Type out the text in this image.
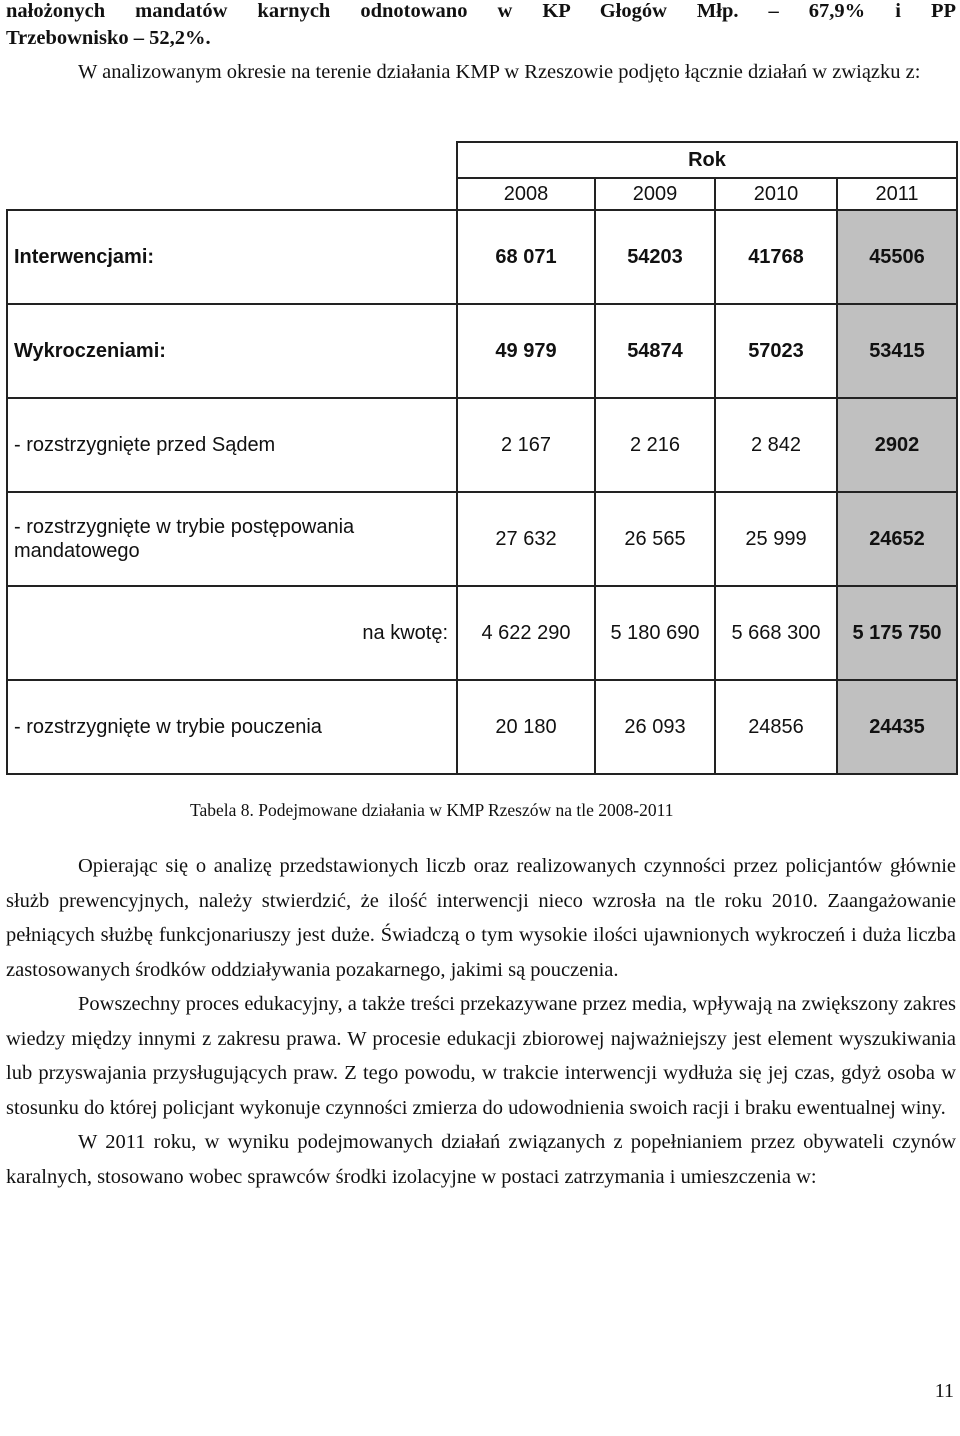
nałożonych mandatów karnych odnotowano w KP Głogów Młp. – 67,9% i PP

Trzebownisko – 52,2%.

W analizowanym okresie na terenie działania KMP w Rzeszowie podjęto łącznie działań w związku z:

	Rok			
	2008	2009	2010	2011
Interwencjami:	68 071	54203	41768	45506
Wykroczeniami:	49 979	54874	57023	53415
- rozstrzygnięte przed Sądem	2 167	2 216	2 842	2902
- rozstrzygnięte w trybie postępowania mandatowego	27 632	26 565	25 999	24652
na kwotę:	4 622 290	5 180 690	5 668 300	5 175 750
- rozstrzygnięte w trybie pouczenia	20 180	26 093	24856	24435
Tabela 8. Podejmowane działania w KMP Rzeszów na tle 2008-2011

Opierając się o analizę przedstawionych liczb oraz realizowanych czynności przez policjantów głównie służb prewencyjnych, należy stwierdzić, że ilość interwencji nieco wzrosła na tle roku 2010. Zaangażowanie pełniących służbę funkcjonariuszy jest duże. Świadczą o tym wysokie ilości ujawnionych wykroczeń i duża liczba zastosowanych środków oddziaływania pozakarnego, jakimi są pouczenia.

Powszechny proces edukacyjny, a także treści przekazywane przez media, wpływają na zwiększony zakres wiedzy między innymi z zakresu prawa. W procesie edukacji zbiorowej najważniejszy jest element wyszukiwania lub przyswajania przysługujących praw. Z tego powodu, w trakcie interwencji wydłuża się jej czas, gdyż osoba w stosunku do której policjant wykonuje czynności zmierza do udowodnienia swoich racji i braku ewentualnej winy.

W 2011 roku, w wyniku podejmowanych działań związanych z popełnianiem przez obywateli czynów karalnych, stosowano wobec sprawców środki izolacyjne w postaci zatrzymania i umieszczenia w:

11
